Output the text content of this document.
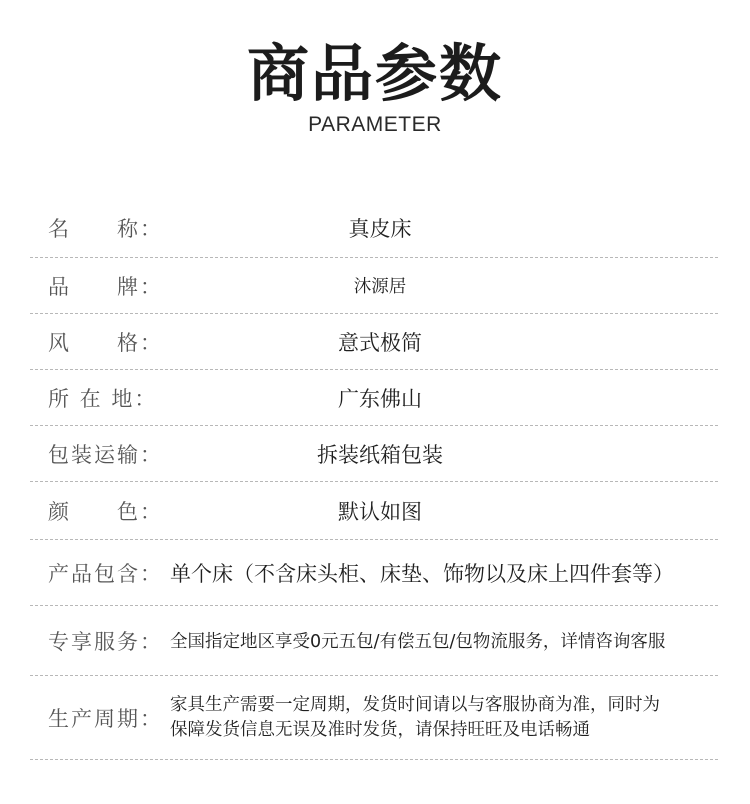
商品参数
PARAMETER
名　　称：	真皮床
品　　牌：	沐源居
风　　格：	意式极简
所 在 地：	广东佛山
包装运输：	拆装纸箱包装
颜　　色：	默认如图
产品包含： 单个床（不含床头柜、床垫、饰物以及床上四件套等）
专享服务： 全国指定地区享受0元五包/有偿五包/包物流服务，详情咨询客服
生产周期：
家具生产需要一定周期，发货时间请以与客服协商为准，同时为
保障发货信息无误及准时发货，请保持旺旺及电话畅通
